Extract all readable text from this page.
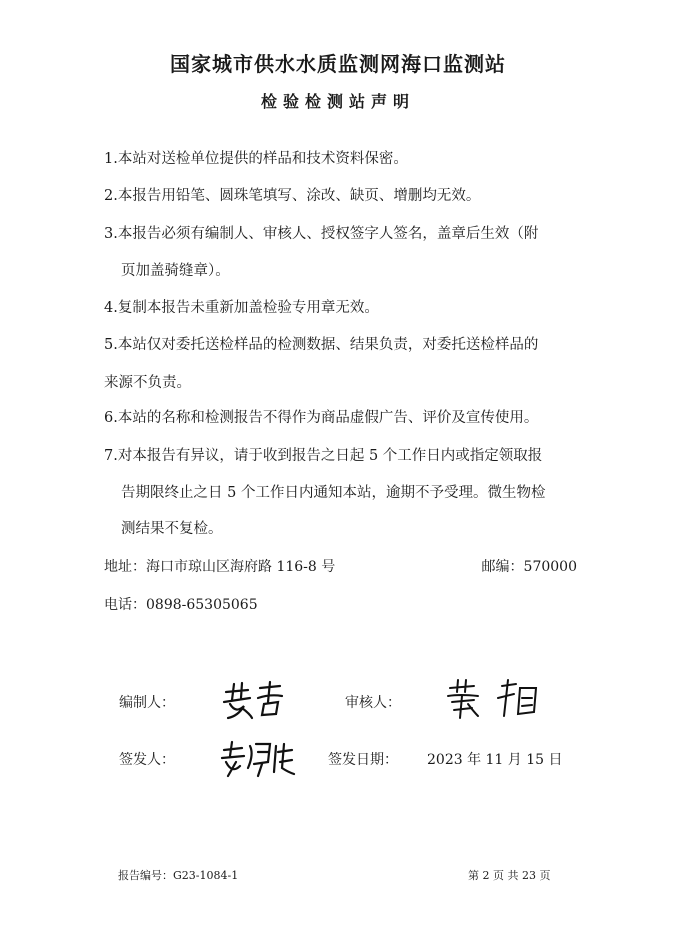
国家城市供水水质监测网海口监测站
检验检测站声明
1.本站对送检单位提供的样品和技术资料保密。
2.本报告用铅笔、圆珠笔填写、涂改、缺页、增删均无效。
3.本报告必须有编制人、审核人、授权签字人签名，盖章后生效（附
页加盖骑缝章）。
4.复制本报告未重新加盖检验专用章无效。
5.本站仅对委托送检样品的检测数据、结果负责，对委托送检样品的
来源不负责。
6.本站的名称和检测报告不得作为商品虚假广告、评价及宣传使用。
7.对本报告有异议，请于收到报告之日起 5 个工作日内或指定领取报
告期限终止之日 5 个工作日内通知本站，逾期不予受理。微生物检
测结果不复检。
地址：海口市琼山区海府路 116-8 号	邮编：570000
电话：0898-65305065
编制人：	审核人：
签发人：	签发日期： 2023 年 11 月 15 日
报告编号：G23-1084-1	第 2 页 共 23 页
